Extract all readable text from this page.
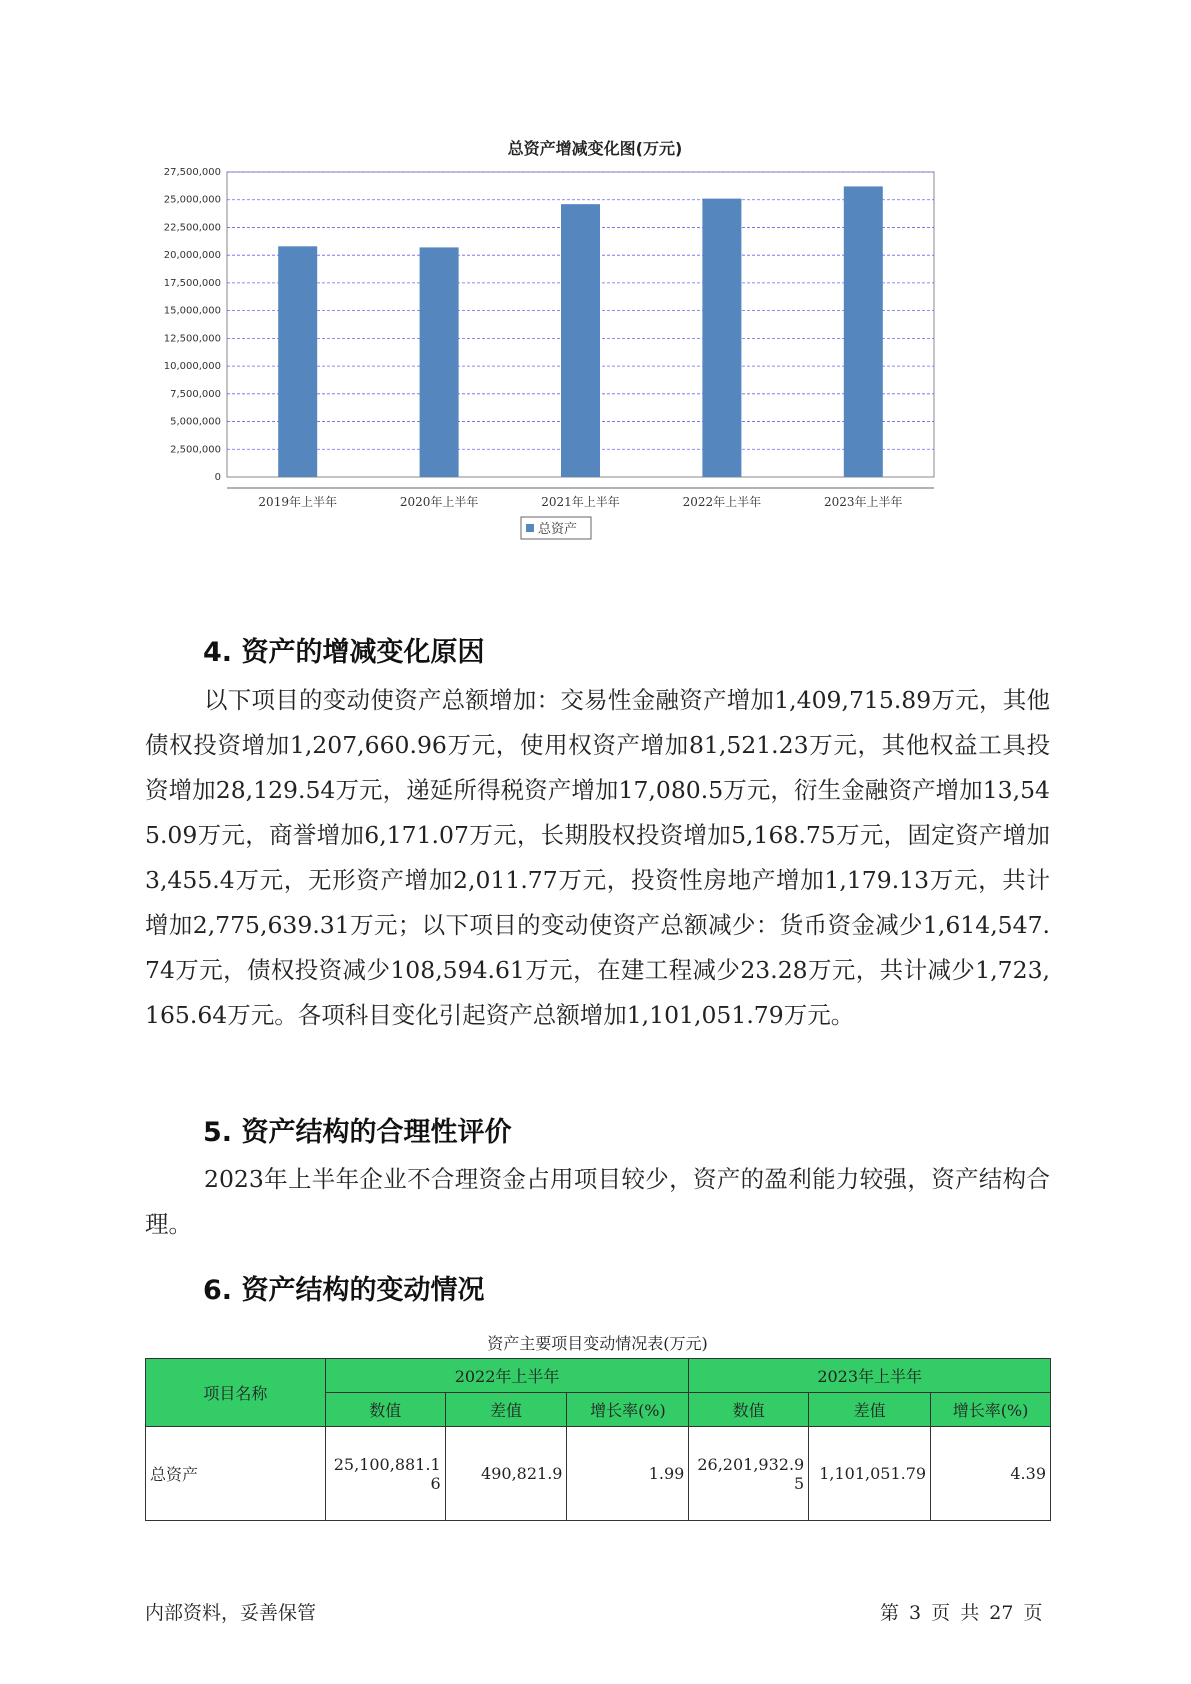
总资产增减变化图(万元)
27,500,000
25,000,000
22,500,000
20,000,000
17,500,000
15,000,000
12,500,000
10,000,000
7,500,000
5,000,000
2,500,000
0
2019年上半年	2020年上半年	2021年上半年	2022年上半年	2023年上半年
总资产
4. 资产的增减变化原因

以下项目的变动使资产总额增加：交易性金融资产增加1,409,715.89万元，其他债权投资增加1,207,660.96万元，使用权资产增加81,521.23万元，其他权益工具投资增加28,129.54万元，递延所得税资产增加17,080.5万元，衍生金融资产增加13,545.09万元，商誉增加6,171.07万元，长期股权投资增加5,168.75万元，固定资产增加3,455.4万元，无形资产增加2,011.77万元，投资性房地产增加1,179.13万元，共计增加2,775,639.31万元；以下项目的变动使资产总额减少：货币资金减少1,614,547.74万元，债权投资减少108,594.61万元，在建工程减少23.28万元，共计减少1,723,165.64万元。各项科目变化引起资产总额增加1,101,051.79万元。

5. 资产结构的合理性评价

2023年上半年企业不合理资金占用项目较少，资产的盈利能力较强，资产结构合理。

6. 资产结构的变动情况
资产主要项目变动情况表(万元)
项目名称	2022年上半年			2023年上半年		
	数值	差值	增长率(%)	数值	差值	增长率(%)
总资产	25,100,881.16	490,821.9	1.99	26,201,932.95	1,101,051.79	4.39
内部资料，妥善保管	第 3 页 共 27 页
